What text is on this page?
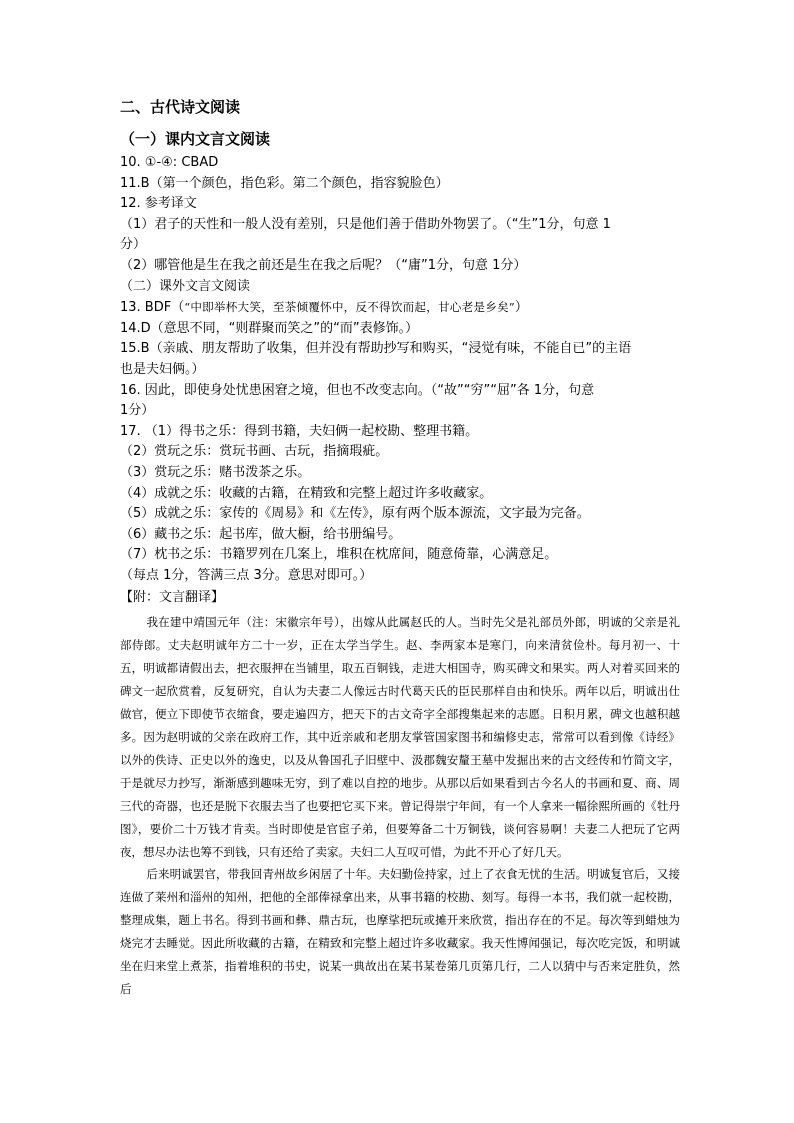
二、古代诗文阅读
（一）课内文言文阅读

10. ①-④: CBAD

11.B（第一个颜色，指色彩。第二个颜色，指容貌脸色）

12. 参考译文

（1）君子的天性和一般人没有差别，只是他们善于借助外物罢了。（“生”1分，句意 1

分）

（2）哪管他是生在我之前还是生在我之后呢？（“庸”1分，句意 1分）

（二）课外文言文阅读

13. BDF（“中即举杯大笑，至茶倾覆怀中，反不得饮而起，甘心老是乡矣”）

14.D（意思不同，“则群聚而笑之”的“而”表修饰。）

15.B（亲戚、朋友帮助了收集，但并没有帮助抄写和购买，“浸觉有味，不能自已”的主语

也是夫妇俩。）

16. 因此，即使身处忧患困窘之境，但也不改变志向。（“故”“穷”“屈”各 1分，句意

1分）

17. （1）得书之乐：得到书籍，夫妇俩一起校勘、整理书籍。

（2）赏玩之乐：赏玩书画、古玩，指摘瑕疵。

（3）赏玩之乐：赌书泼茶之乐。

（4）成就之乐：收藏的古籍，在精致和完整上超过许多收藏家。

（5）成就之乐：家传的《周易》和《左传》，原有两个版本源流，文字最为完备。

（6）藏书之乐：起书库，做大橱，给书册编号。

（7）枕书之乐：书籍罗列在几案上，堆积在枕席间，随意倚靠，心满意足。

（每点 1分，答满三点 3分。意思对即可。）

【附：文言翻译】

我在建中靖国元年（注：宋徽宗年号），出嫁从此属赵氏的人。当时先父是礼部员外郎，明诚的父亲是礼部侍郎。丈夫赵明诚年方二十一岁，正在太学当学生。赵、李两家本是寒门，向来清贫俭朴。每月初一、十五，明诚都请假出去，把衣服押在当铺里，取五百铜钱，走进大相国寺，购买碑文和果实。两人对着买回来的碑文一起欣赏着，反复研究，自认为夫妻二人像远古时代葛天氏的臣民那样自由和快乐。两年以后，明诚出仕做官，便立下即使节衣缩食，要走遍四方，把天下的古文奇字全部搜集起来的志愿。日积月累，碑文也越积越多。因为赵明诚的父亲在政府工作，其中近亲戚和老朋友掌管国家图书和编修史志，常常可以看到像《诗经》以外的佚诗、正史以外的逸史，以及从鲁国孔子旧壁中、汲郡魏安釐王墓中发掘出来的古文经传和竹简文字，于是就尽力抄写，渐渐感到趣味无穷，到了难以自控的地步。从那以后如果看到古今名人的书画和夏、商、周三代的奇器，也还是脱下衣服去当了也要把它买下来。曾记得崇宁年间，有一个人拿来一幅徐熙所画的《牡丹图》，要价二十万钱才肯卖。当时即使是官宦子弟，但要筹备二十万铜钱，谈何容易啊！夫妻二人把玩了它两夜，想尽办法也筹不到钱，只有还给了卖家。夫妇二人互叹可惜，为此不开心了好几天。

后来明诚罢官，带我回青州故乡闲居了十年。夫妇勤俭持家，过上了衣食无忧的生活。明诚复官后，又接连做了莱州和淄州的知州，把他的全部俸禄拿出来，从事书籍的校勘、刻写。每得一本书，我们就一起校勘，整理成集，题上书名。得到书画和彝、鼎古玩，也摩挲把玩或摊开来欣赏，指出存在的不足。每次等到蜡烛为烧完才去睡觉。因此所收藏的古籍，在精致和完整上超过许多收藏家。我天性博闻强记，每次吃完饭，和明诚坐在归来堂上煮茶，指着堆积的书史，说某一典故出在某书某卷第几页第几行，二人以猜中与否来定胜负，然后
